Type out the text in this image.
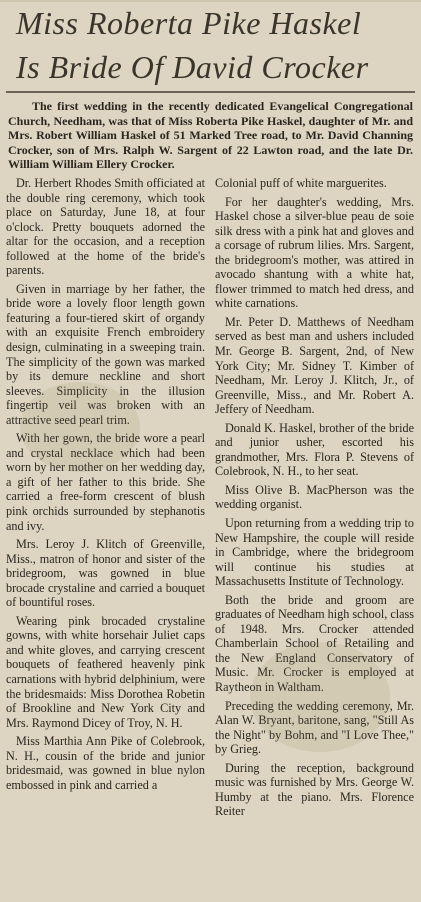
Miss Roberta Pike Haskel
Is Bride Of David Crocker

The first wedding in the recently dedicated Evangelical Congregational Church, Needham, was that of Miss Roberta Pike Haskel, daughter of Mr. and Mrs. Robert William Haskel of 51 Marked Tree road, to Mr. David Channing Crocker, son of Mrs. Ralph W. Sargent of 22 Lawton road, and the late Dr. William William Ellery Crocker.

Dr. Herbert Rhodes Smith officiated at the double ring ceremony, which took place on Saturday, June 18, at four o'clock. Pretty bouquets adorned the altar for the occasion, and a reception followed at the home of the bride's parents.

Given in marriage by her father, the bride wore a lovely floor length gown featuring a four-tiered skirt of organdy with an exquisite French embroidery design, culminating in a sweeping train. The simplicity of the gown was marked by its demure neckline and short sleeves. Simplicity in the illusion fingertip veil was broken with an attractive seed pearl trim.

With her gown, the bride wore a pearl and crystal necklace which had been worn by her mother on her wedding day, a gift of her father to this bride. She carried a free-form crescent of blush pink orchids surrounded by stephanotis and ivy.

Mrs. Leroy J. Klitch of Greenville, Miss., matron of honor and sister of the bridegroom, was gowned in blue brocade crystaline and carried a bouquet of bountiful roses.

Wearing pink brocaded crystaline gowns, with white horsehair Juliet caps and white gloves, and carrying crescent bouquets of feathered heavenly pink carnations with hybrid delphinium, were the bridesmaids: Miss Dorothea Robetin of Brookline and New York City and Mrs. Raymond Dicey of Troy, N. H.

Miss Marthia Ann Pike of Colebrook, N. H., cousin of the bride and junior bridesmaid, was gowned in blue nylon embossed in pink and carried a

Colonial puff of white marguerites.

For her daughter's wedding, Mrs. Haskel chose a silver-blue peau de soie silk dress with a pink hat and gloves and a corsage of rubrum lilies. Mrs. Sargent, the bridegroom's mother, was attired in avocado shantung with a white hat, flower trimmed to match hed dress, and white carnations.

Mr. Peter D. Matthews of Needham served as best man and ushers included Mr. George B. Sargent, 2nd, of New York City; Mr. Sidney T. Kimber of Needham, Mr. Leroy J. Klitch, Jr., of Greenville, Miss., and Mr. Robert A. Jeffery of Needham.

Donald K. Haskel, brother of the bride and junior usher, escorted his grandmother, Mrs. Flora P. Stevens of Colebrook, N. H., to her seat.

Miss Olive B. MacPherson was the wedding organist.

Upon returning from a wedding trip to New Hampshire, the couple will reside in Cambridge, where the bridegroom will continue his studies at Massachusetts Institute of Technology.

Both the bride and groom are graduates of Needham high school, class of 1948. Mrs. Crocker attended Chamberlain School of Retailing and the New England Conservatory of Music. Mr. Crocker is employed at Raytheon in Waltham.

Preceding the wedding ceremony, Mr. Alan W. Bryant, baritone, sang, "Still As the Night" by Bohm, and "I Love Thee," by Grieg.

During the reception, background music was furnished by Mrs. George W. Humby at the piano. Mrs. Florence Reiter
